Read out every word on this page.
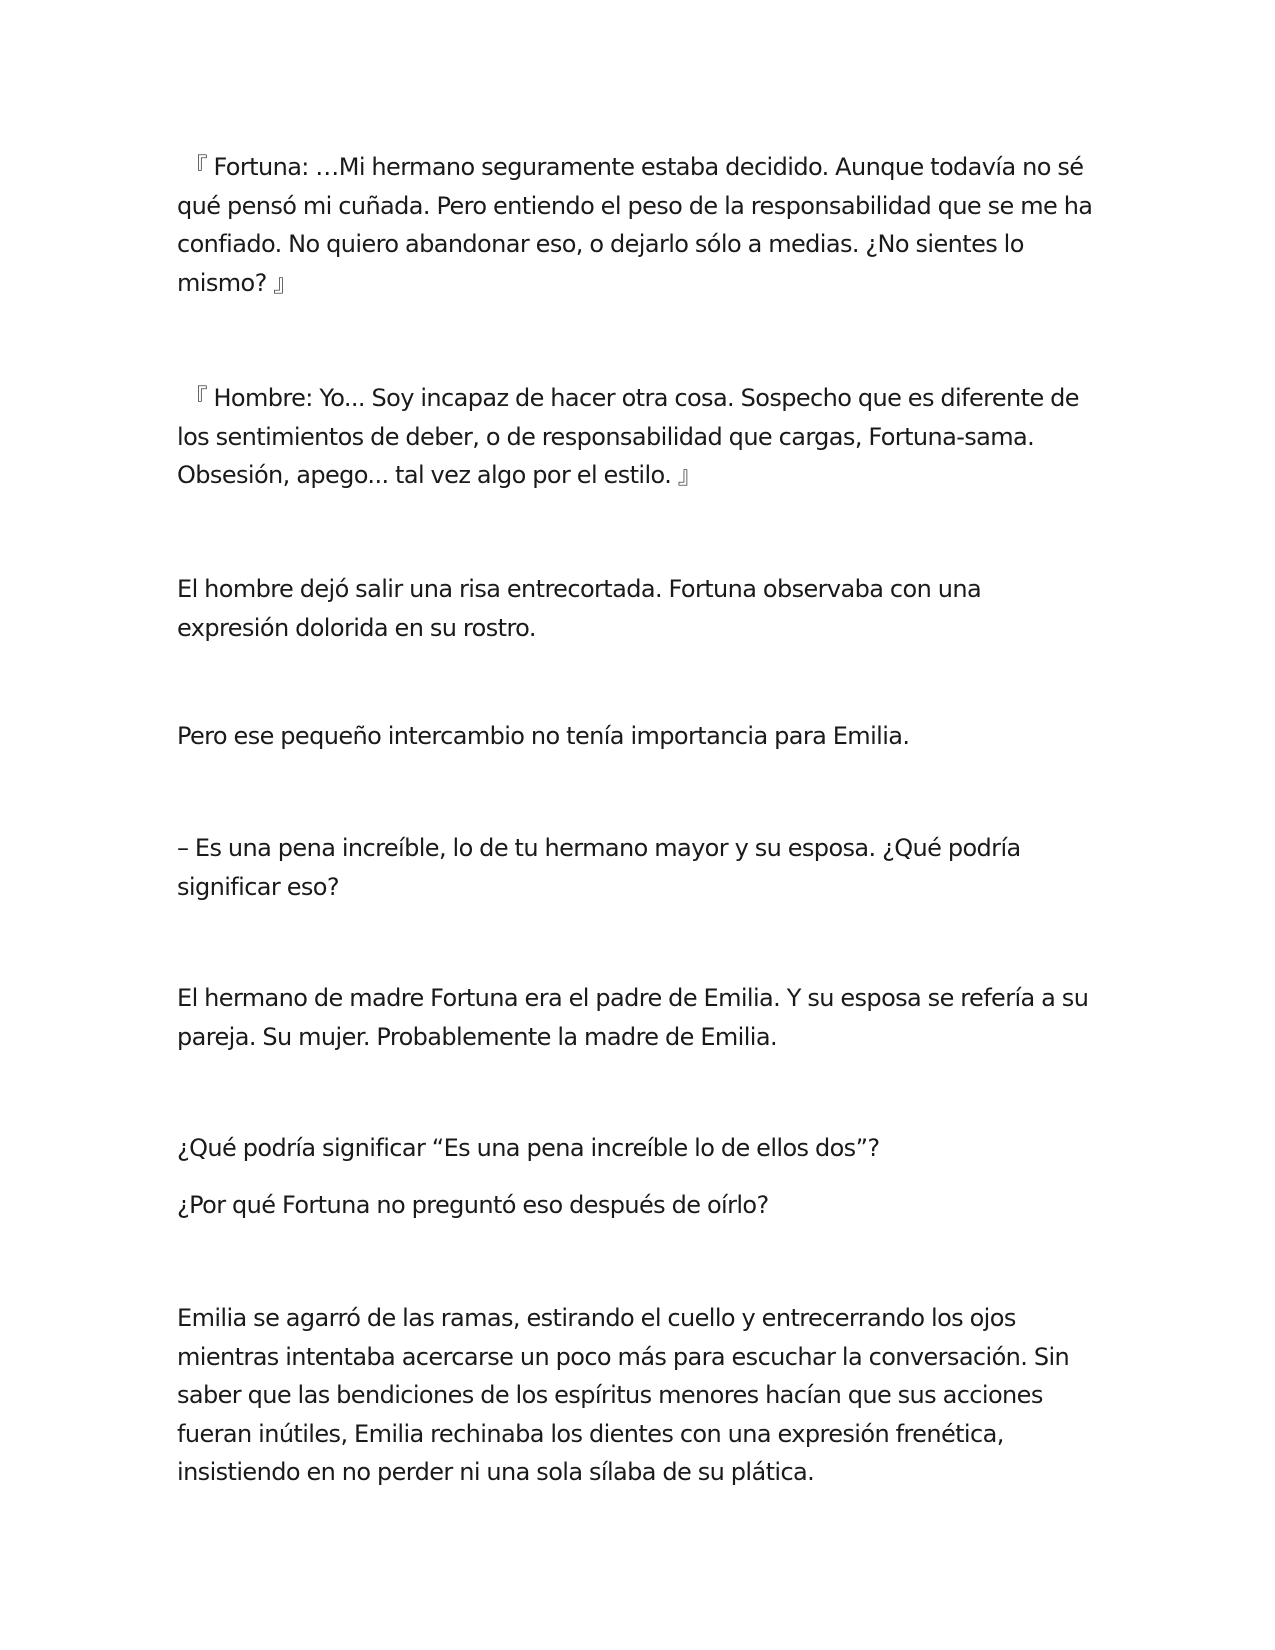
『 Fortuna: …Mi hermano seguramente estaba decidido. Aunque todavía no sé qué pensó mi cuñada. Pero entiendo el peso de la responsabilidad que se me ha confiado. No quiero abandonar eso, o dejarlo sólo a medias. ¿No sientes lo mismo? 』

『 Hombre: Yo... Soy incapaz de hacer otra cosa. Sospecho que es diferente de los sentimientos de deber, o de responsabilidad que cargas, Fortuna-sama. Obsesión, apego... tal vez algo por el estilo. 』

El hombre dejó salir una risa entrecortada. Fortuna observaba con una expresión dolorida en su rostro.

Pero ese pequeño intercambio no tenía importancia para Emilia.

– Es una pena increíble, lo de tu hermano mayor y su esposa. ¿Qué podría significar eso?

El hermano de madre Fortuna era el padre de Emilia. Y su esposa se refería a su pareja. Su mujer. Probablemente la madre de Emilia.

¿Qué podría significar “Es una pena increíble lo de ellos dos”?

¿Por qué Fortuna no preguntó eso después de oírlo?

Emilia se agarró de las ramas, estirando el cuello y entrecerrando los ojos mientras intentaba acercarse un poco más para escuchar la conversación. Sin saber que las bendiciones de los espíritus menores hacían que sus acciones fueran inútiles, Emilia rechinaba los dientes con una expresión frenética, insistiendo en no perder ni una sola sílaba de su plática.
